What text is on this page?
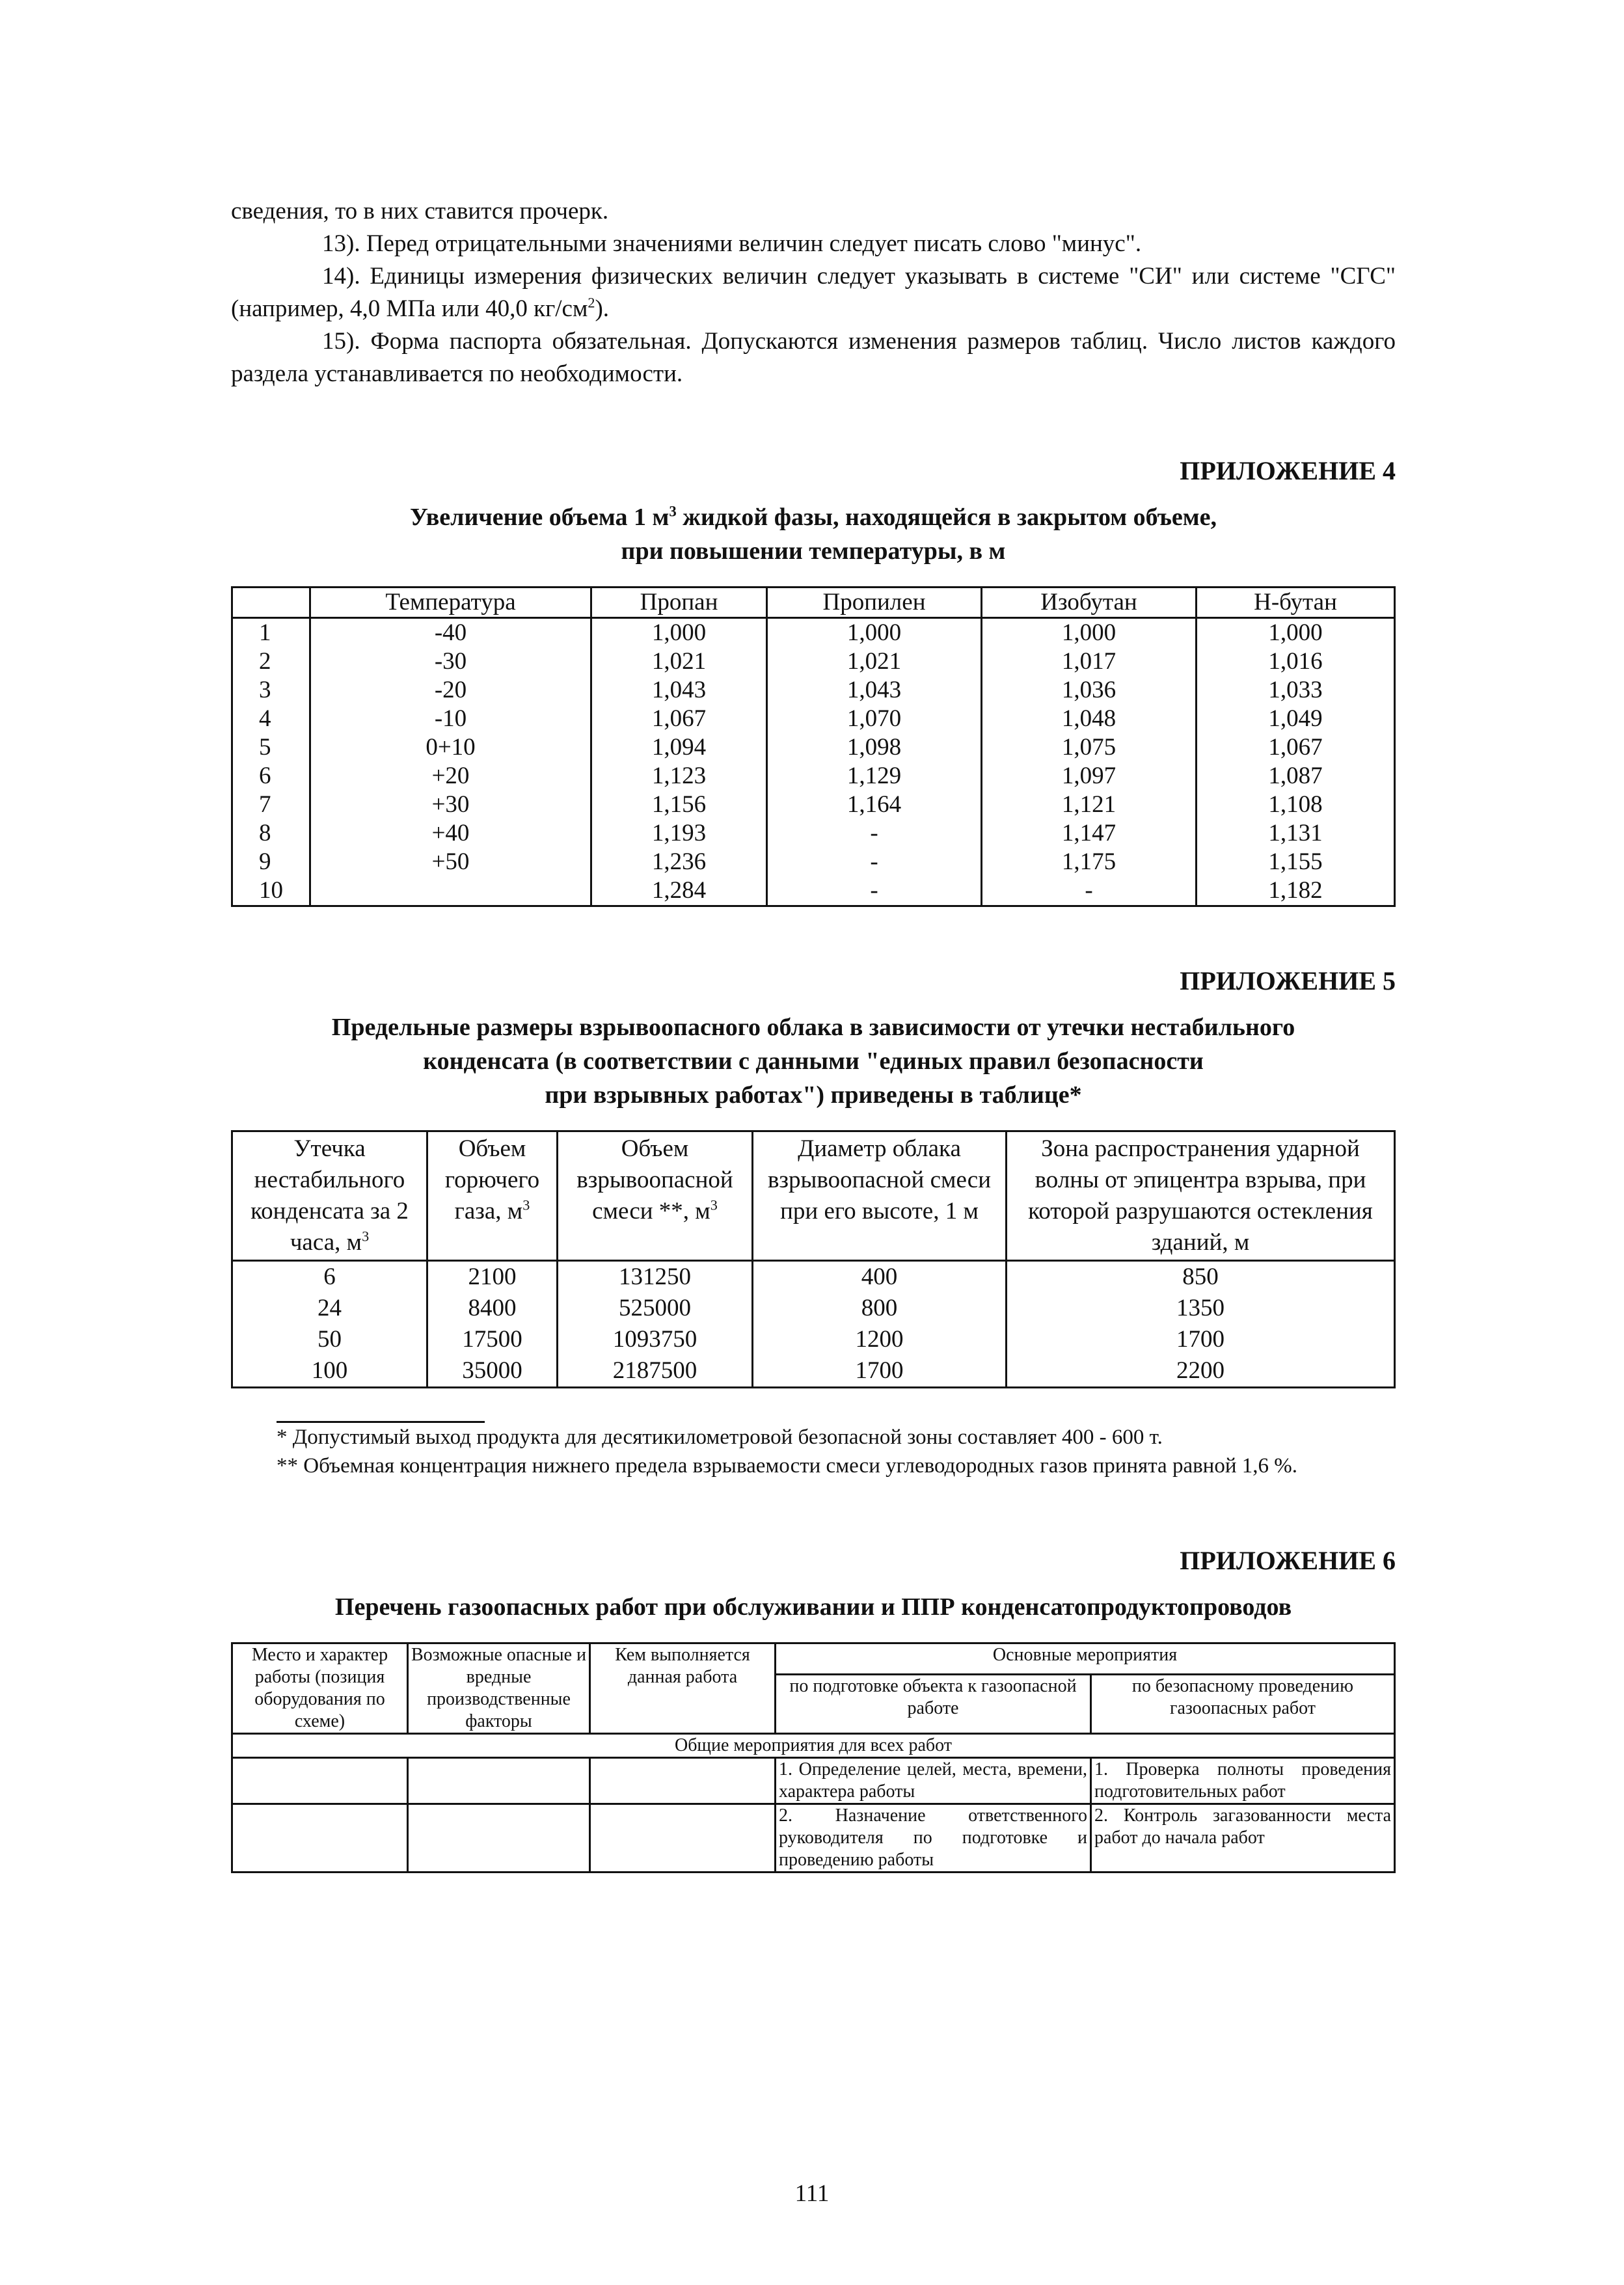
сведения, то в них ставится прочерк.

13). Перед отрицательными значениями величин следует писать слово "минус".

14). Единицы измерения физических величин следует указывать в системе "СИ" или системе "СГС" (например, 4,0 МПа или 40,0 $кг/см^2$).

15). Форма паспорта обязательная. Допускаются изменения размеров таблиц. Число листов каждого раздела устанавливается по необходимости.

ПРИЛОЖЕНИЕ 4
Увеличение объема 1 $м^3$ жидкой фазы, находящейся в закрытом объеме,
при повышении температуры, в м
	Температура	Пропан	Пропилен	Изобутан	Н-бутан
1	-40	1,000	1,000	1,000	1,000
2	-30	1,021	1,021	1,017	1,016
3	-20	1,043	1,043	1,036	1,033
4	-10	1,067	1,070	1,048	1,049
5	0+10	1,094	1,098	1,075	1,067
6	+20	1,123	1,129	1,097	1,087
7	+30	1,156	1,164	1,121	1,108
8	+40	1,193	-	1,147	1,131
9	+50	1,236	-	1,175	1,155
10		1,284	-	-	1,182
ПРИЛОЖЕНИЕ 5
Предельные размеры взрывоопасного облака в зависимости от утечки нестабильного
конденсата (в соответствии с данными "единых правил безопасности
при взрывных работах") приведены в таблице*
Утечка нестабильного конденсата за 2 часа, $м^3$	Объем горючего газа, $м^3$	Объем взрывоопасной смеси **, $м^3$	Диаметр облака взрывоопасной смеси при его высоте, 1 м	Зона распространения ударной волны от эпицентра взрыва, при которой разрушаются остекления зданий, м
6	2100	131250	400	850
24	8400	525000	800	1350
50	17500	1093750	1200	1700
100	35000	2187500	1700	2200

* Допустимый выход продукта для десятикилометровой безопасной зоны составляет 400 - 600 т.

** Объемная концентрация нижнего предела взрываемости смеси углеводородных газов принята равной 1,6 %.

ПРИЛОЖЕНИЕ 6
Перечень газоопасных работ при обслуживании и ППР конденсатопродуктопроводов
Место и характер работы (позиция оборудования по схеме)	Возможные опасные и вредные производственные факторы	Кем выполняется данная работа	Основные мероприятия	
			по подготовке объекта к газоопасной работе	по безопасному проведению газоопасных работ
Общие мероприятия для всех работ				
			1. Определение целей, места, времени, характера работы	1. Проверка полноты проведения подготовительных работ
			2. Назначение ответственного руководителя по подготовке и проведению работы	2. Контроль загазованности места работ до начала работ
111
